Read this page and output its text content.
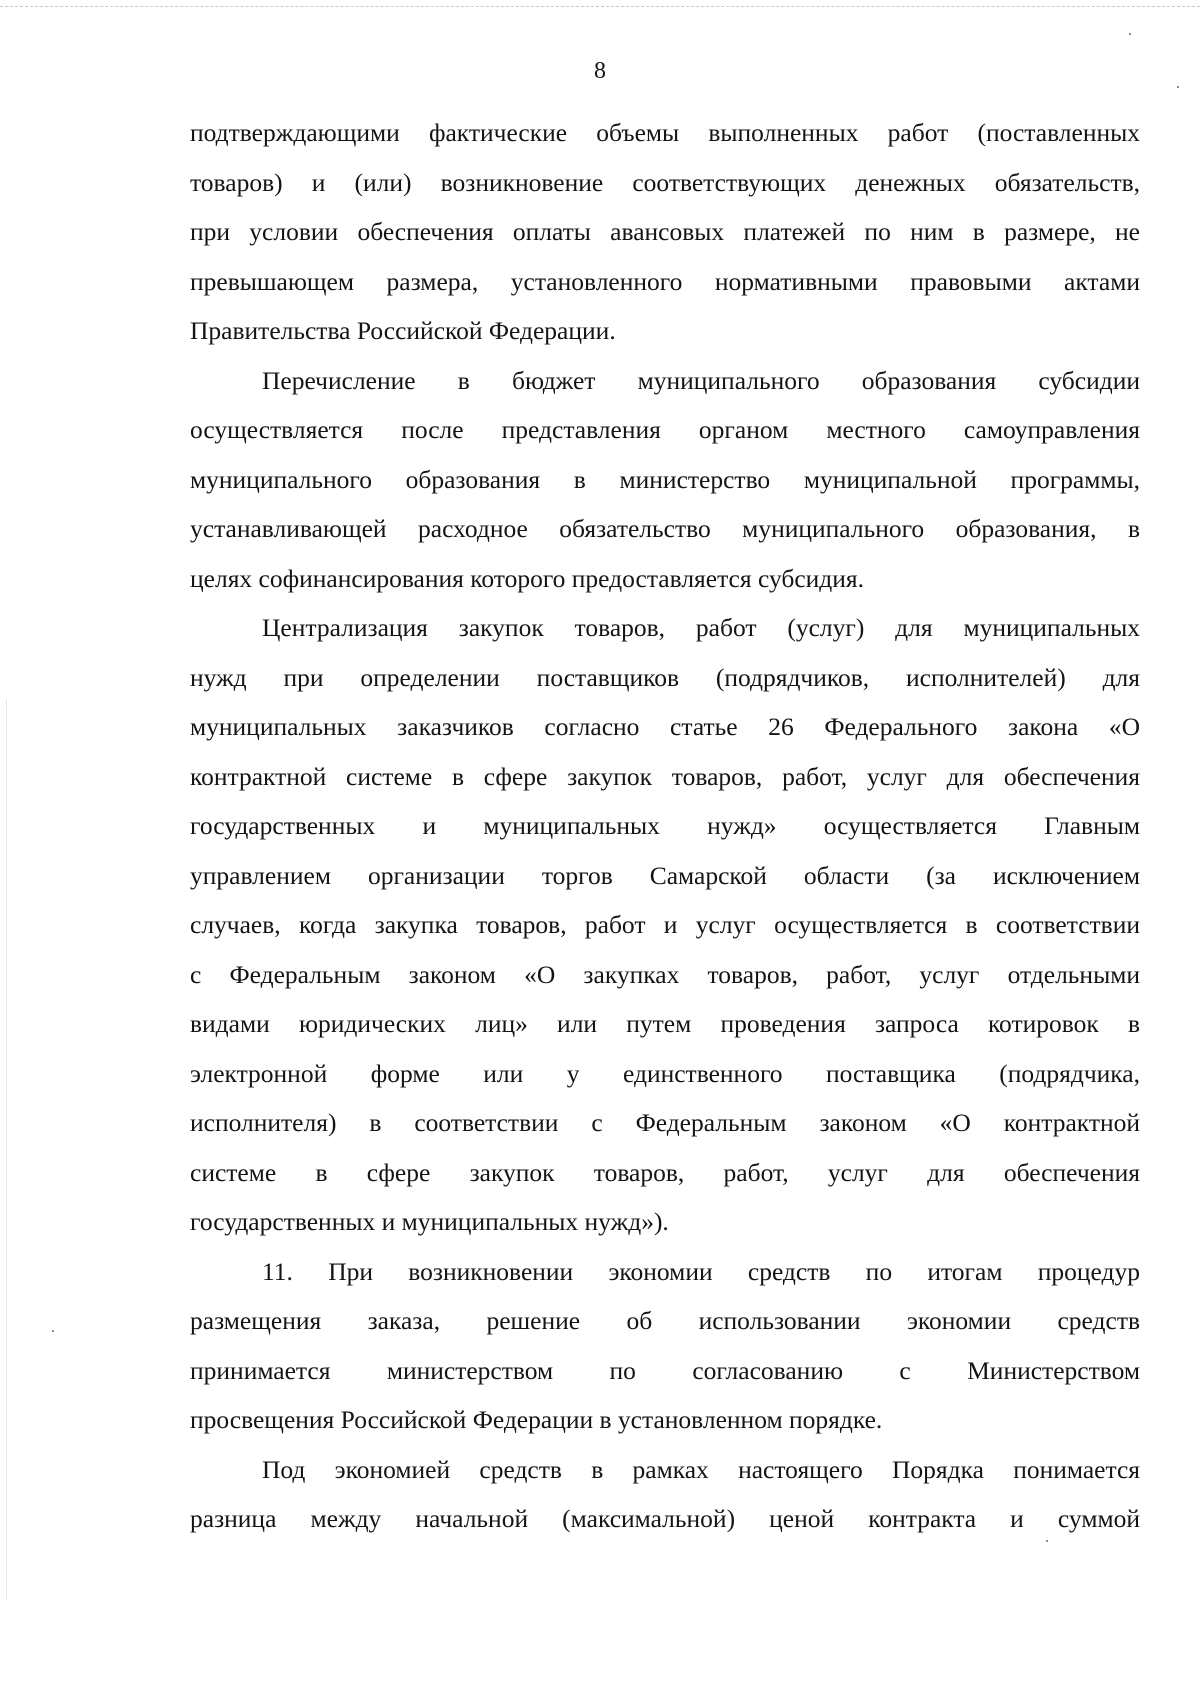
8
подтверждающими фактические объемы выполненных работ (поставленных
товаров) и (или) возникновение соответствующих денежных обязательств,
при условии обеспечения оплаты авансовых платежей по ним в размере, не
превышающем размера, установленного нормативными правовыми актами
Правительства Российской Федерации.
Перечисление в бюджет муниципального образования субсидии
осуществляется после представления органом местного самоуправления
муниципального образования в министерство муниципальной программы,
устанавливающей расходное обязательство муниципального образования, в
целях софинансирования которого предоставляется субсидия.
Централизация закупок товаров, работ (услуг) для муниципальных
нужд при определении поставщиков (подрядчиков, исполнителей) для
муниципальных заказчиков согласно статье 26 Федерального закона «О
контрактной системе в сфере закупок товаров, работ, услуг для обеспечения
государственных и муниципальных нужд» осуществляется Главным
управлением организации торгов Самарской области (за исключением
случаев, когда закупка товаров, работ и услуг осуществляется в соответствии
с Федеральным законом «О закупках товаров, работ, услуг отдельными
видами юридических лиц» или путем проведения запроса котировок в
электронной форме или у единственного поставщика (подрядчика,
исполнителя) в соответствии с Федеральным законом «О контрактной
системе в сфере закупок товаров, работ, услуг для обеспечения
государственных и муниципальных нужд»).
11. При возникновении экономии средств по итогам процедур
размещения заказа, решение об использовании экономии средств
принимается министерством по согласованию с Министерством
просвещения Российской Федерации в установленном порядке.
Под экономией средств в рамках настоящего Порядка понимается
разница между начальной (максимальной) ценой контракта и суммой
